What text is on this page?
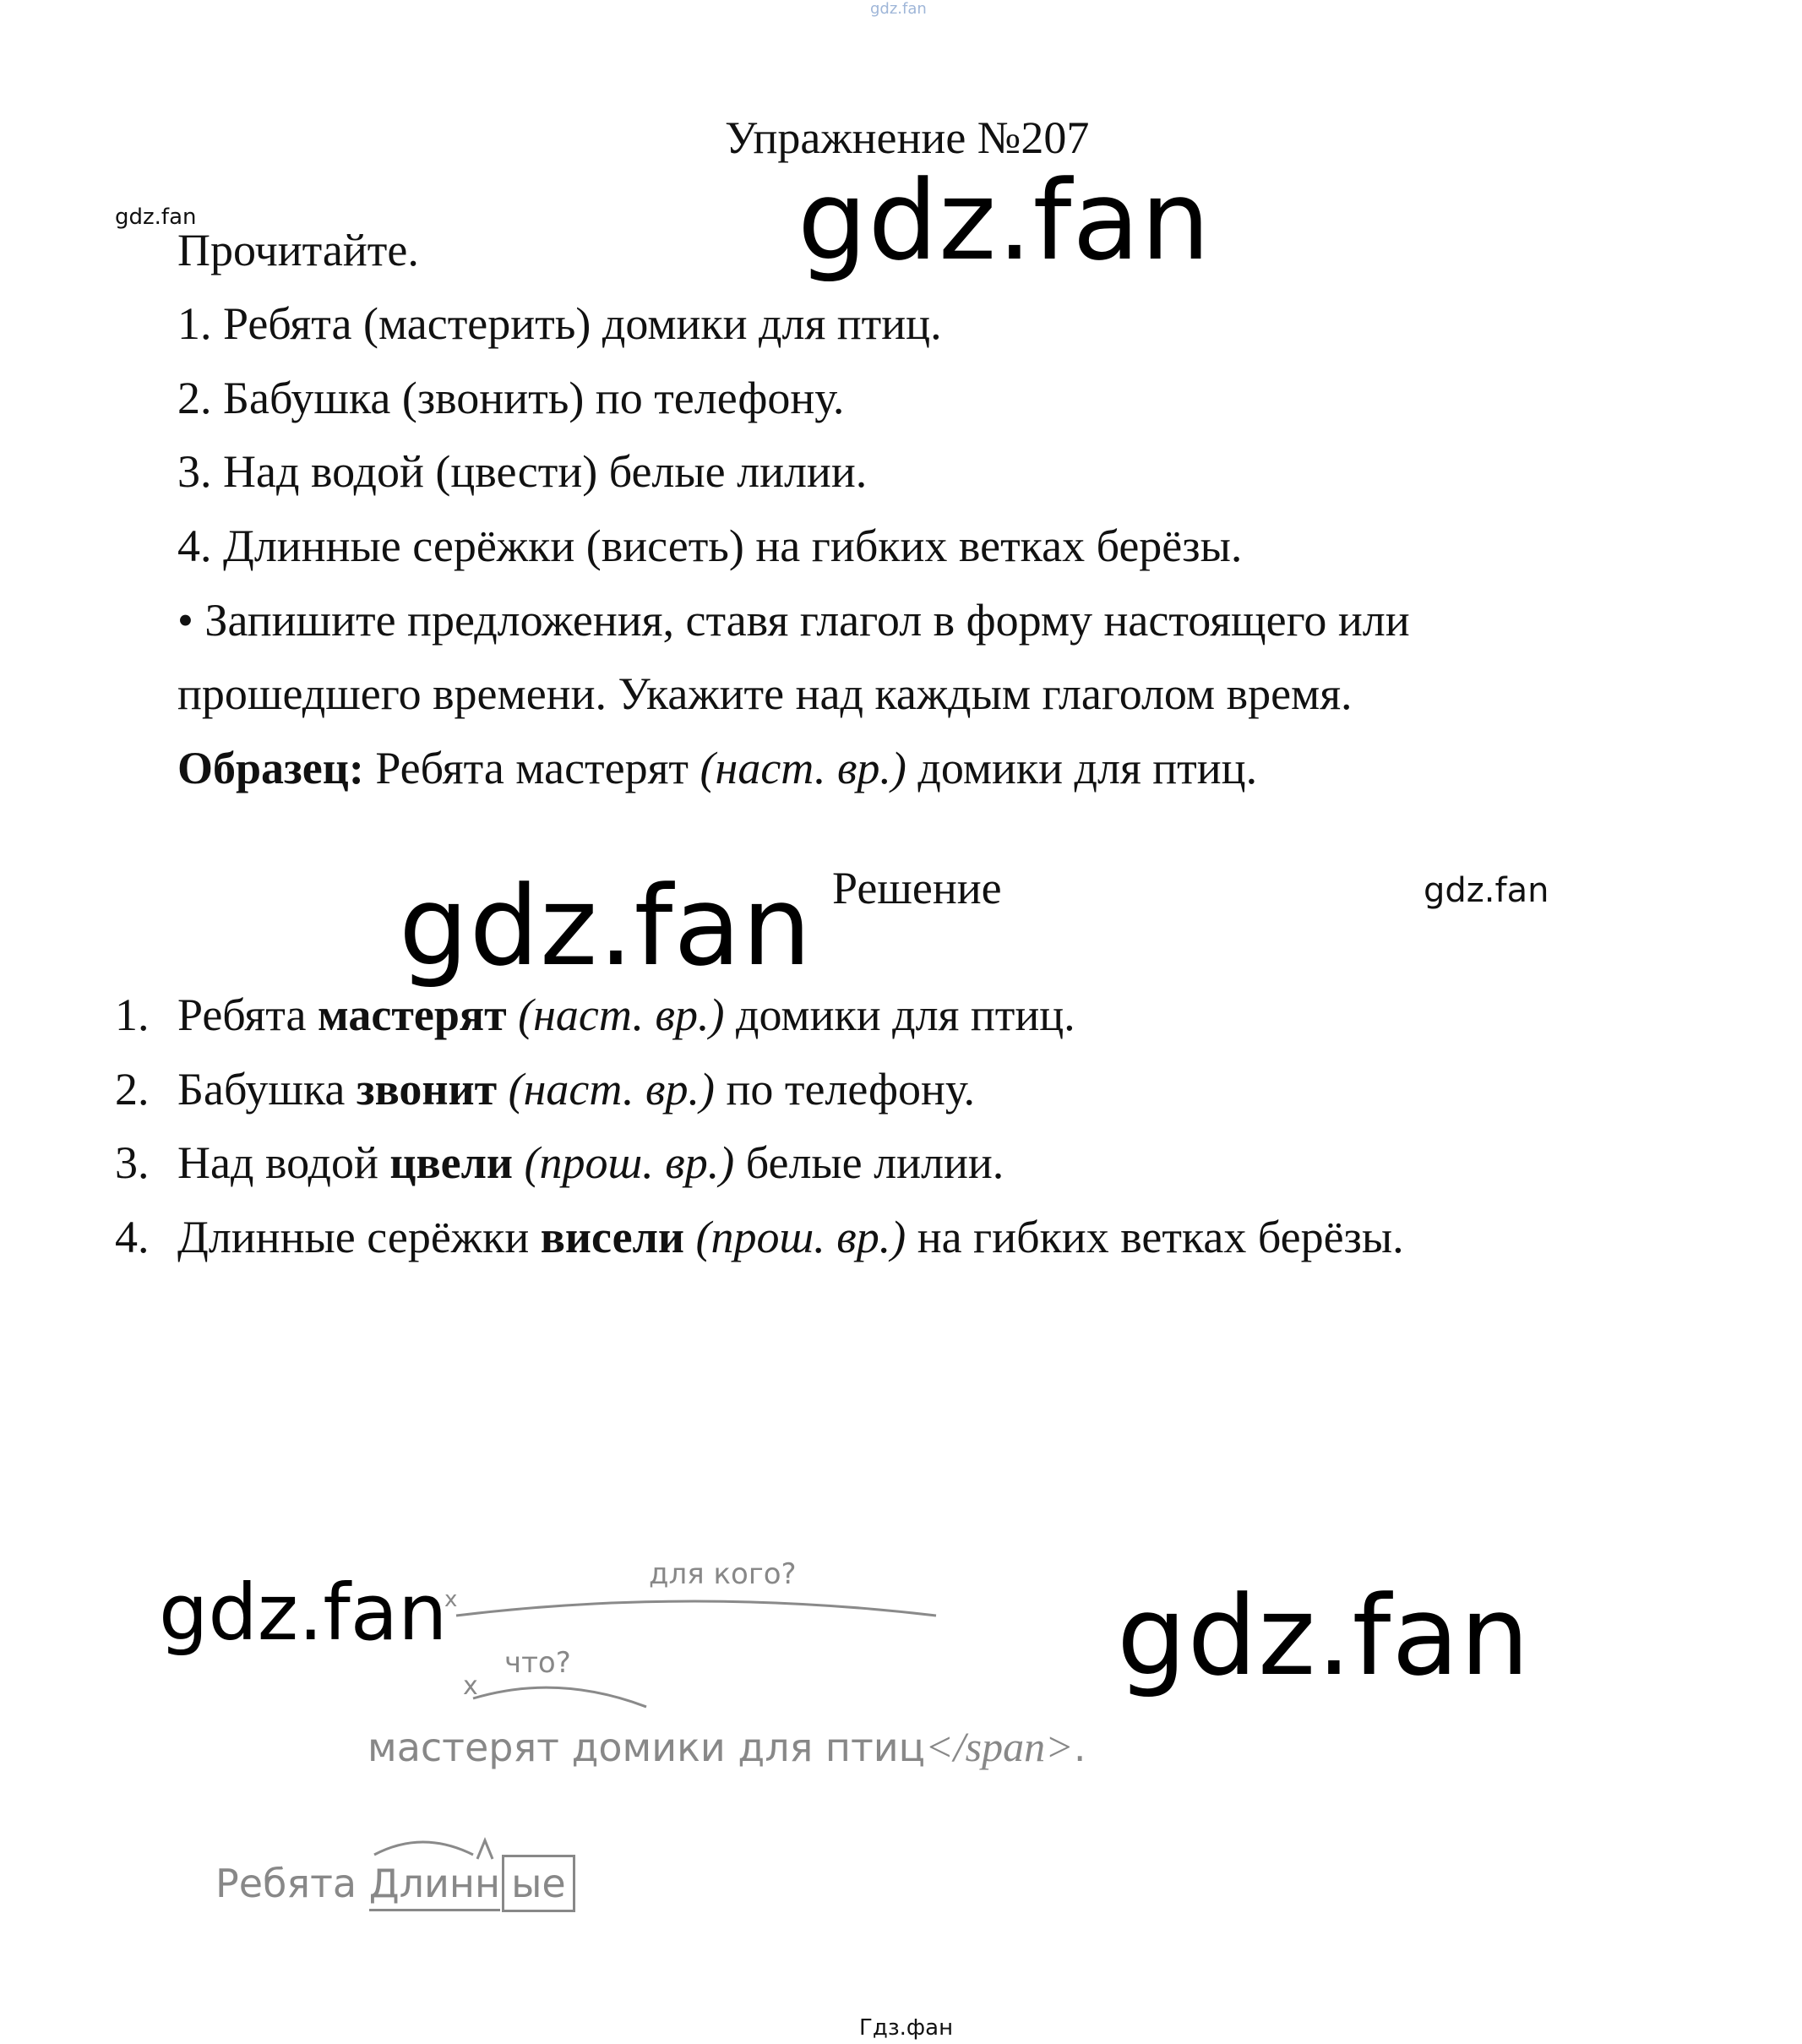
gdz.fan
gdz.fan
Упражнение №207
gdz.fan
Прочитайте.
1. Ребята (мастерить) домики для птиц.
2. Бабушка (звонить) по телефону.
3. Над водой (цвести) белые лилии.
4. Длинные серёжки (висеть) на гибких ветках берёзы.
• Запишите предложения, ставя глагол в форму настоящего или
прошедшего времени. Укажите над каждым глаголом время.
Образец: Ребята мастерят (наст. вр.) домики для птиц.
gdz.fan Решение	gdz.fan
1. Ребята мастерят (наст. вр.) домики для птиц.
2. Бабушка звонит (наст. вр.) по телефону.
3. Над водой цвели (прош. вр.) белые лилии.
4. Длинные серёжки висели (прош. вр.) на гибких ветках берёзы.
для кого?
x
что?
x
gdz.fan	gdz.fan
мастерят домики для птиц</span>.
Ребята Длинн ые
Гдз.фан
